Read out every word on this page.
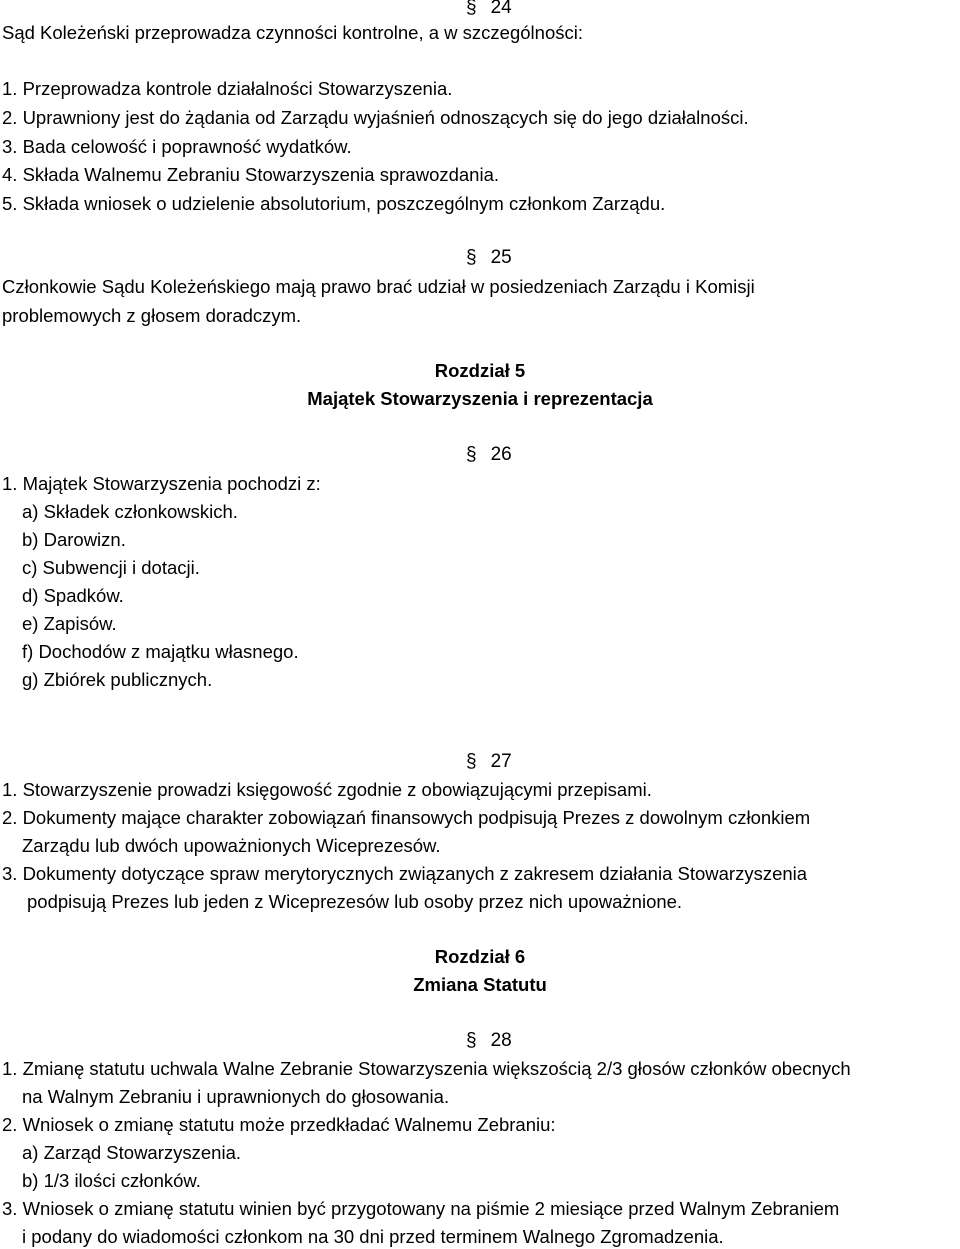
§ 24

Sąd Koleżeński przeprowadza czynności kontrolne, a w szczególności:

1. Przeprowadza kontrole działalności Stowarzyszenia.

2. Uprawniony jest do żądania od Zarządu wyjaśnień odnoszących się do jego działalności.

3. Bada celowość i poprawność wydatków.

4. Składa Walnemu Zebraniu Stowarzyszenia sprawozdania.

5. Składa wniosek o udzielenie absolutorium, poszczególnym członkom Zarządu.

§ 25

Członkowie Sądu Koleżeńskiego mają prawo brać udział w posiedzeniach Zarządu i Komisji

problemowych z głosem doradczym.

Rozdział 5

Majątek Stowarzyszenia i reprezentacja

§ 26

1. Majątek Stowarzyszenia pochodzi z:

a) Składek członkowskich.

b) Darowizn.

c) Subwencji i dotacji.

d) Spadków.

e) Zapisów.

f) Dochodów z majątku własnego.

g) Zbiórek publicznych.

§ 27

1. Stowarzyszenie prowadzi księgowość zgodnie z obowiązującymi przepisami.

2. Dokumenty mające charakter zobowiązań finansowych podpisują Prezes z dowolnym członkiem

Zarządu lub dwóch upoważnionych Wiceprezesów.

3. Dokumenty dotyczące spraw merytorycznych związanych z zakresem działania Stowarzyszenia

podpisują Prezes lub jeden z Wiceprezesów lub osoby przez nich upoważnione.

Rozdział 6

Zmiana Statutu

§ 28

1. Zmianę statutu uchwala Walne Zebranie Stowarzyszenia większością 2/3 głosów członków obecnych

na Walnym Zebraniu i uprawnionych do głosowania.

2. Wniosek o zmianę statutu może przedkładać Walnemu Zebraniu:

a) Zarząd Stowarzyszenia.

b) 1/3 ilości członków.

3. Wniosek o zmianę statutu winien być przygotowany na piśmie 2 miesiące przed Walnym Zebraniem

i podany do wiadomości członkom na 30 dni przed terminem Walnego Zgromadzenia.
